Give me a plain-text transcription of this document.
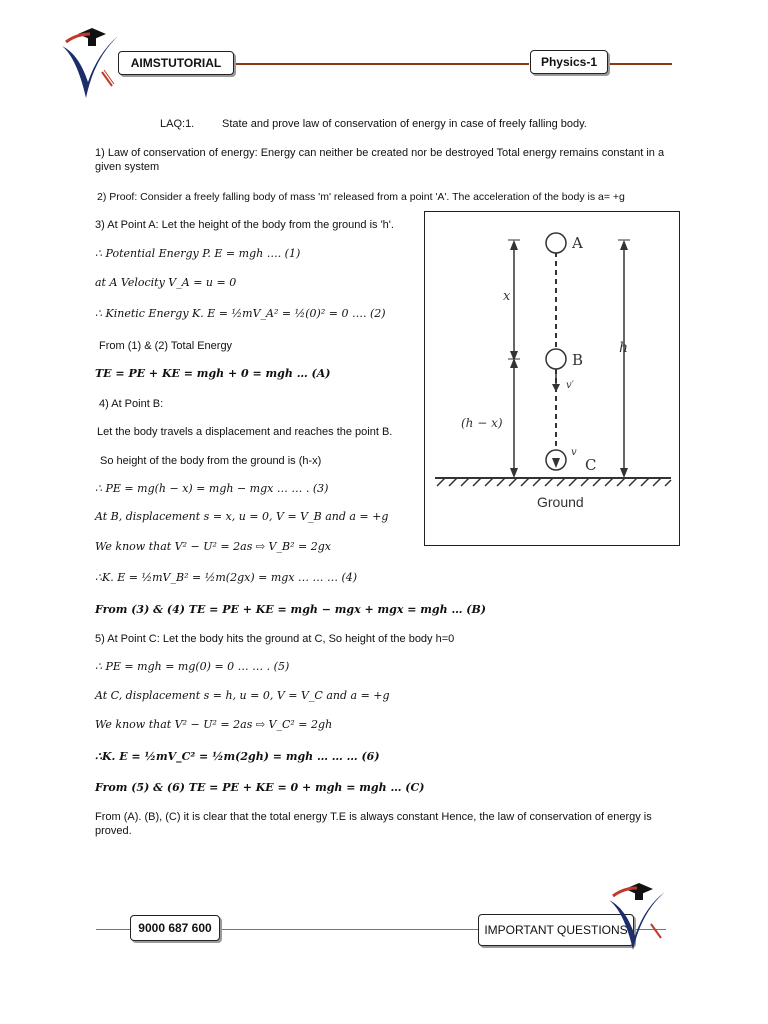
AIMSTUTORIAL	Physics-1
LAQ:1.	State and prove law of conservation of energy in case of freely falling body.
1) Law of conservation of energy: Energy can neither be created nor be destroyed Total energy remains constant in a given system
2) Proof: Consider a freely falling body of mass 'm' released from a point 'A'. The acceleration of the body is a= +g
3) At Point A: Let the height of the body from the ground is 'h'.
∴ Potential Energy P. E = mgh …. (1)
at A Velocity V_A = u = 0
∴ Kinetic Energy K. E = ½mV_A² = ½(0)² = 0 …. (2)
From (1) & (2) Total Energy
TE = PE + KE = mgh + 0 = mgh … (A)
4) At Point B:
Let the body travels a displacement and reaches the point B.
So height of the body from the ground is (h-x)
∴ PE = mg(h − x) = mgh − mgx … … . (3)
At B, displacement s = x, u = 0, V = V_B and a = +g
We know that V² − U² = 2as ⇨ V_B² = 2gx
∴K. E = ½mV_B² = ½m(2gx) = mgx … … … (4)
From (3) & (4) TE = PE + KE = mgh − mgx + mgx = mgh … (B)
5) At Point C: Let the body hits the ground at C, So height of the body h=0
∴ PE = mgh = mg(0) = 0 … … . (5)
At C, displacement s = h, u = 0, V = V_C and a = +g
We know that V² − U² = 2as ⇨ V_C² = 2gh
∴K. E = ½mV_C² = ½m(2gh) = mgh … … … (6)
From (5) & (6) TE = PE + KE = 0 + mgh = mgh … (C)
From (A). (B), (C) it is clear that the total energy T.E is always constant Hence, the law of conservation of energy is proved.
A
B
C
x
h
(h − x)
v′
v
Ground
9000 687 600	IMPORTANT QUESTIONS
